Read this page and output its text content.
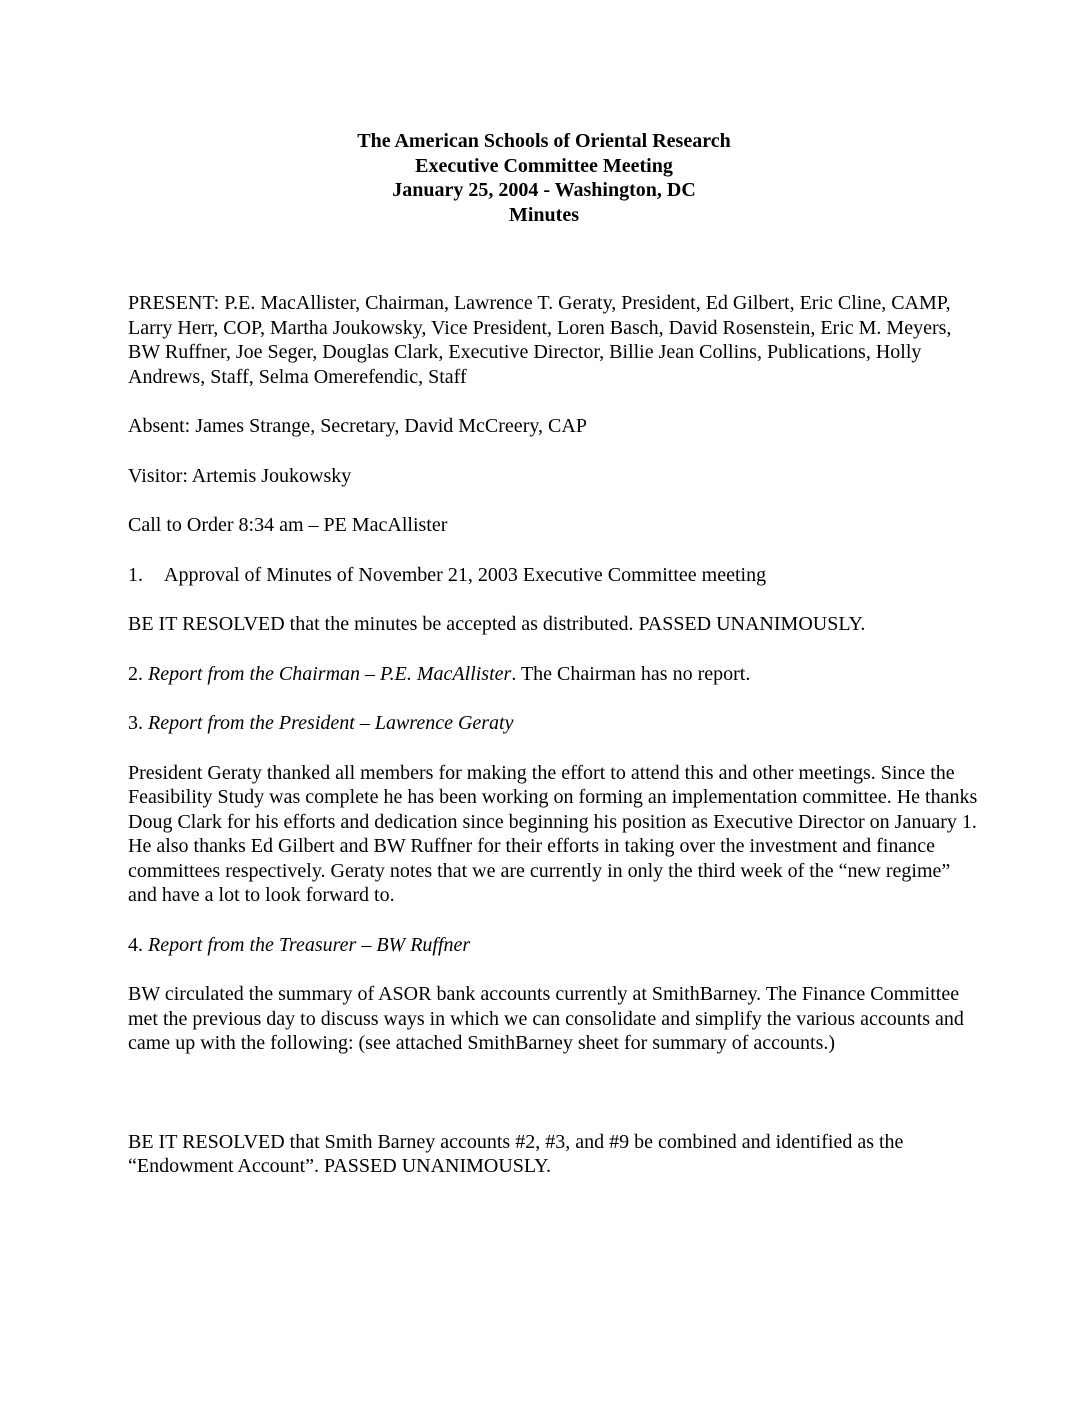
The American Schools of Oriental Research
Executive Committee Meeting
January 25, 2004 - Washington, DC
Minutes

PRESENT: P.E. MacAllister, Chairman, Lawrence T. Geraty, President, Ed Gilbert, Eric Cline, CAMP, Larry Herr, COP, Martha Joukowsky, Vice President, Loren Basch, David Rosenstein, Eric M. Meyers, BW Ruffner, Joe Seger, Douglas Clark, Executive Director, Billie Jean Collins, Publications, Holly Andrews, Staff, Selma Omerefendic, Staff

Absent: James Strange, Secretary, David McCreery, CAP

Visitor: Artemis Joukowsky

Call to Order 8:34 am – PE MacAllister

1.	Approval of Minutes of November 21, 2003 Executive Committee meeting

BE IT RESOLVED that the minutes be accepted as distributed. PASSED UNANIMOUSLY.

2. Report from the Chairman – P.E. MacAllister. The Chairman has no report.

3. Report from the President – Lawrence Geraty

President Geraty thanked all members for making the effort to attend this and other meetings. Since the Feasibility Study was complete he has been working on forming an implementation committee. He thanks Doug Clark for his efforts and dedication since beginning his position as Executive Director on January 1. He also thanks Ed Gilbert and BW Ruffner for their efforts in taking over the investment and finance committees respectively. Geraty notes that we are currently in only the third week of the “new regime” and have a lot to look forward to.

4. Report from the Treasurer – BW Ruffner

BW circulated the summary of ASOR bank accounts currently at SmithBarney. The Finance Committee met the previous day to discuss ways in which we can consolidate and simplify the various accounts and came up with the following: (see attached SmithBarney sheet for summary of accounts.)

BE IT RESOLVED that Smith Barney accounts #2, #3, and #9 be combined and identified as the “Endowment Account”. PASSED UNANIMOUSLY.
